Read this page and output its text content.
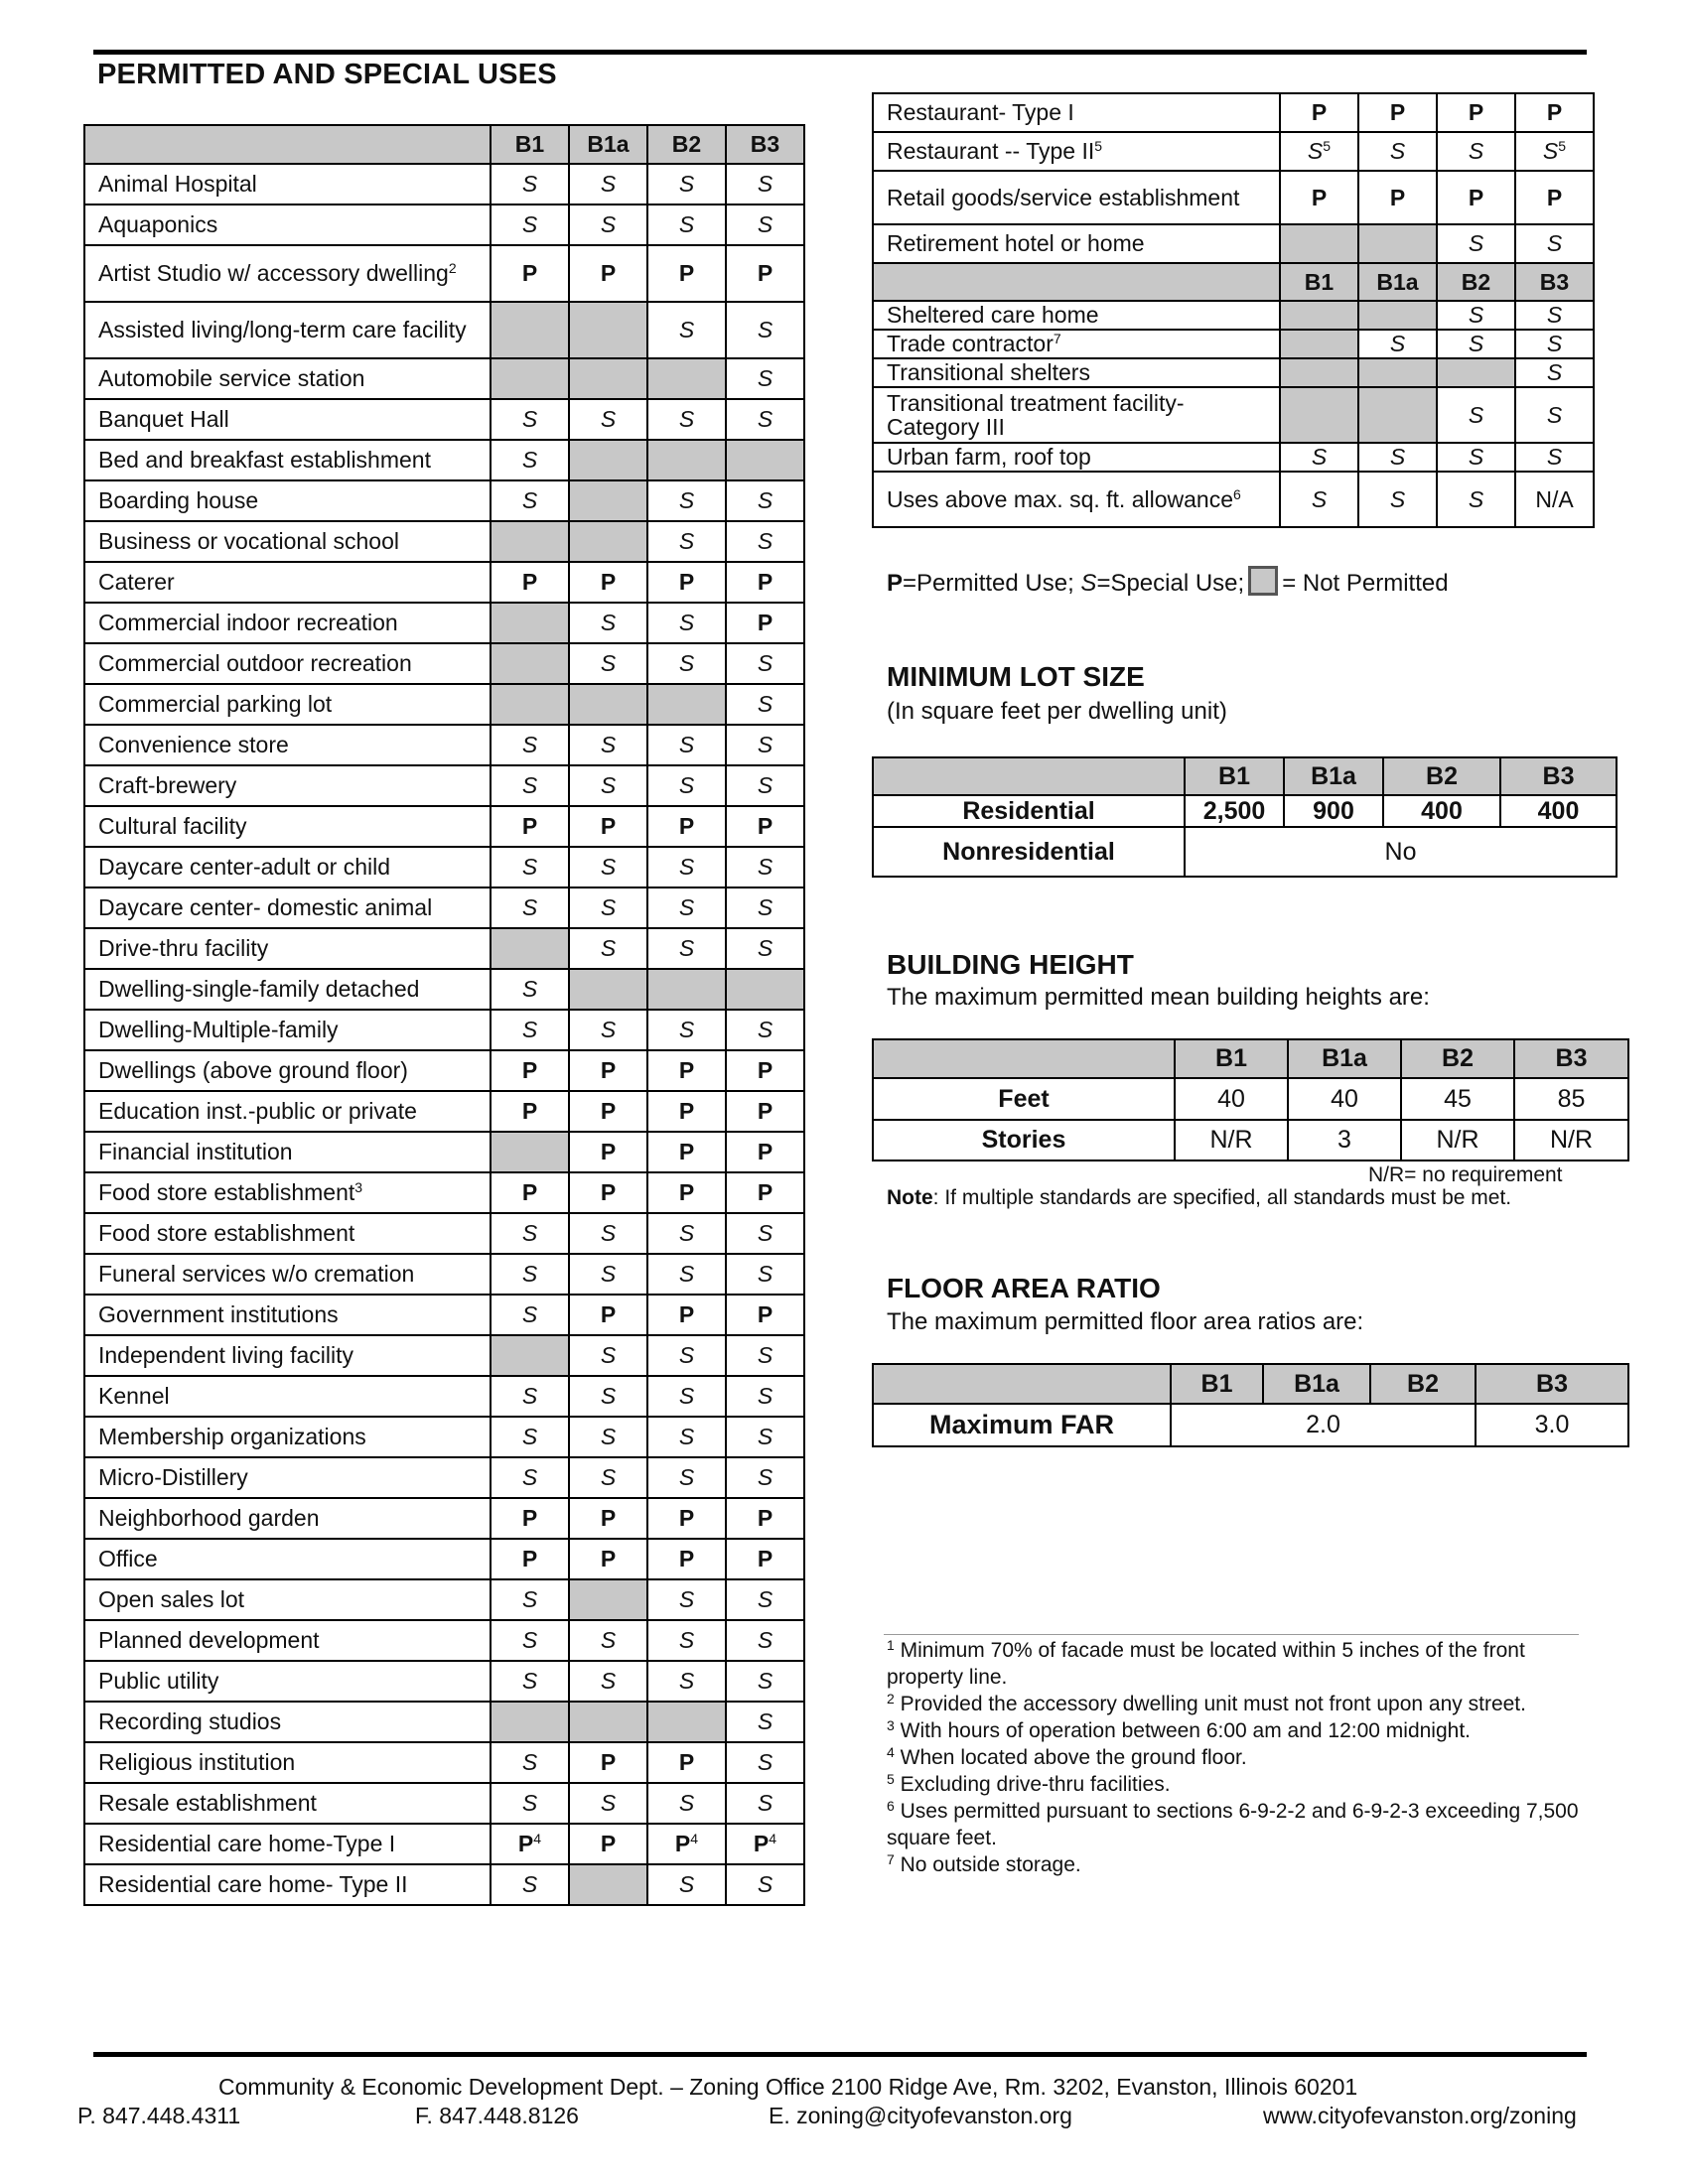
PERMITTED AND SPECIAL USES
	B1	B1a	B2	B3
Animal Hospital	S	S	S	S
Aquaponics	S	S	S	S
Artist Studio w/ accessory dwelling$^2$	P	P	P	P
Assisted living/long-term care facility			S	S
Automobile service station				S
Banquet Hall	S	S	S	S
Bed and breakfast establishment	S			
Boarding house	S		S	S
Business or vocational school			S	S
Caterer	P	P	P	P
Commercial indoor recreation		S	S	P
Commercial outdoor recreation		S	S	S
Commercial parking lot				S
Convenience store	S	S	S	S
Craft-brewery	S	S	S	S
Cultural facility	P	P	P	P
Daycare center-adult or child	S	S	S	S
Daycare center- domestic animal	S	S	S	S
Drive-thru facility		S	S	S
Dwelling-single-family detached	S			
Dwelling-Multiple-family	S	S	S	S
Dwellings (above ground floor)	P	P	P	P
Education inst.-public or private	P	P	P	P
Financial institution		P	P	P
Food store establishment$^3$	P	P	P	P
Food store establishment	S	S	S	S
Funeral services w/o cremation	S	S	S	S
Government institutions	S	P	P	P
Independent living facility		S	S	S
Kennel	S	S	S	S
Membership organizations	S	S	S	S
Micro-Distillery	S	S	S	S
Neighborhood garden	P	P	P	P
Office	P	P	P	P
Open sales lot	S		S	S
Planned development	S	S	S	S
Public utility	S	S	S	S
Recording studios				S
Religious institution	S	P	P	S
Resale establishment	S	S	S	S
Residential care home-Type I	$P^4$	P	$P^4$	$P^4$
Residential care home- Type II	S		S	S
Restaurant- Type I	P	P	P	P
Restaurant -- Type $II^5$	$S^5$	S	S	$S^5$
Retail goods/service establishment	P	P	P	P
Retirement hotel or home			S	S
	B1	B1a	B2	B3
Sheltered care home			S	S
Trade contractor$^7$		S	S	S
Transitional shelters				S
Transitional treatment facility-Category III			S	S
Urban farm, roof top	S	S	S	S
Uses above max. sq. ft. allowance$^6$	S	S	S	N/A
P=Permitted Use; S=Special Use; = Not Permitted
MINIMUM LOT SIZE
(In square feet per dwelling unit)
	B1	B1a	B2	B3
Residential	2,500	900	400	400
Nonresidential	No			
BUILDING HEIGHT
The maximum permitted mean building heights are:
	B1	B1a	B2	B3
Feet	40	40	45	85
Stories	N/R	3	N/R	N/R
N/R= no requirement
Note: If multiple standards are specified, all standards must be met.
FLOOR AREA RATIO
The maximum permitted floor area ratios are:
	B1	B1a	B2	B3
Maximum FAR	2.0			3.0
$^1$ Minimum 70% of facade must be located within 5 inches of the front property line.
$^2$ Provided the accessory dwelling unit must not front upon any street.
$^3$ With hours of operation between 6:00 am and 12:00 midnight.
$^4$ When located above the ground floor.
$^5$ Excluding drive-thru facilities.
$^6$ Uses permitted pursuant to sections 6-9-2-2 and 6-9-2-3 exceeding 7,500 square feet.
$^7$ No outside storage.
Community & Economic Development Dept. – Zoning Office 2100 Ridge Ave, Rm. 3202, Evanston, Illinois 60201
P. 847.448.4311	F. 847.448.8126	E. zoning@cityofevanston.org	www.cityofevanston.org/zoning
